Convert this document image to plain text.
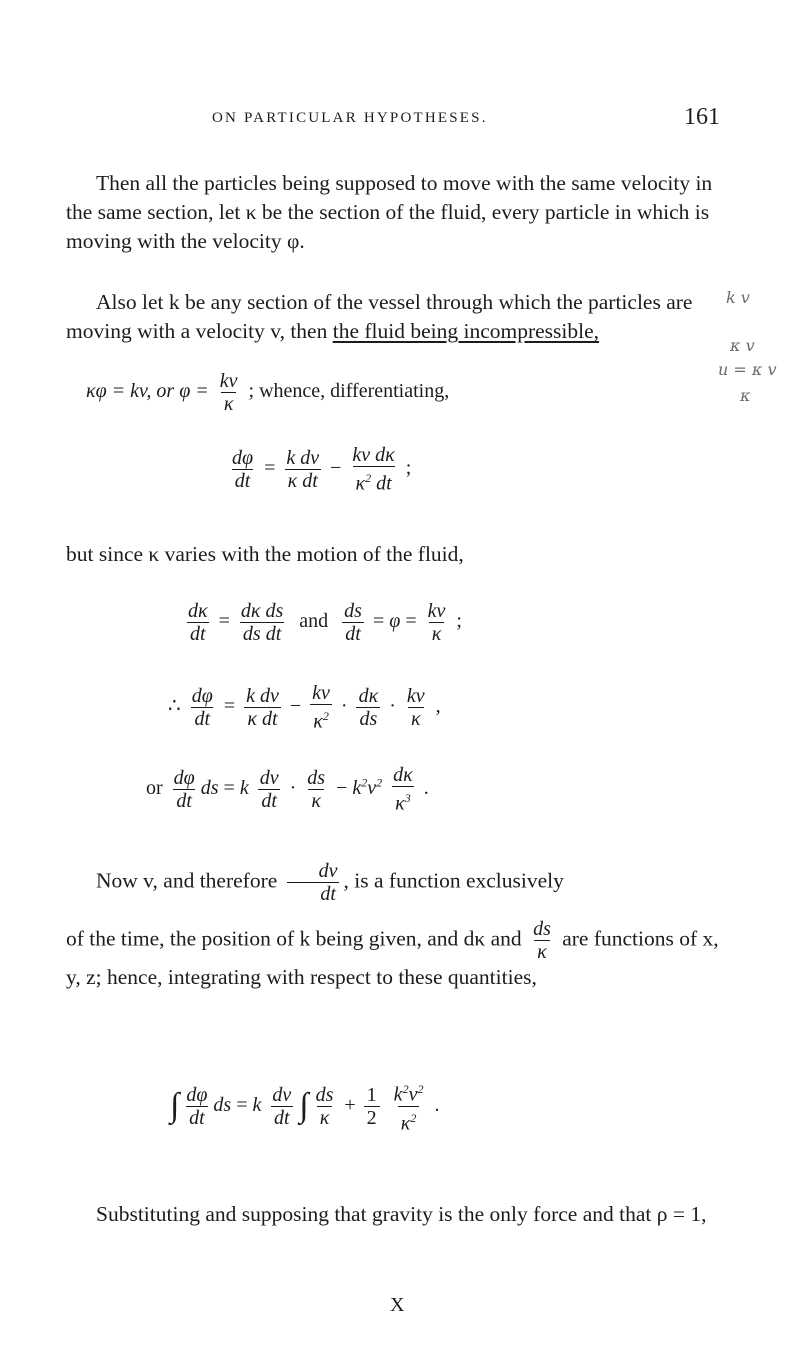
ON PARTICULAR HYPOTHESES.	161

Then all the particles being supposed to move with the same velocity in the same section, let κ be the section of the fluid, every particle in which is moving with the velocity φ.

Also let k be any section of the vessel through which the particles are moving with a velocity v, then the fluid being incompressible,

κφ = kv, or $\varphi = \frac{kv}{\kappa}$ ; whence, differentiating,
$\frac{d\varphi}{dt} = \frac{\text{k dv}}{\text{κ dt}} - \frac{\text{kv dκ}}{\kappa^2 dt}$ ;

but since κ varies with the motion of the fluid,

$\frac{d\kappa}{dt} = \frac{\text{dκ ds}}{\text{ds dt}}$ and $\frac{ds}{dt} = \varphi = \frac{kv}{\kappa}$ ;
∴ $\frac{d\varphi}{dt} = \frac{\text{k dv}}{\text{κ dt}} - \frac{kv}{\kappa^2} \cdot \frac{d\kappa}{ds} \cdot \frac{kv}{\kappa}$ ,
or $\frac{d\varphi}{dt}$ ds = k $\frac{dv}{dt} \cdot \frac{ds}{\kappa} - k^2v^2 \frac{d\kappa}{\kappa^3}$ .

Now v, and therefore $\frac{dv}{dt}$ , is a function exclusively

of the time, the position of k being given, and dκ and $\frac{ds}{\kappa}$ are functions of x, y, z; hence, integrating with respect to these quantities,

∫ $\frac{d\varphi}{dt}$ ds = k $\frac{dv}{dt}$ ∫ $\frac{ds}{\kappa} + \frac{1}{2}$
$\frac{k^2v^2}{\kappa^2}$ .

Substituting and supposing that gravity is the only force and that ρ = 1,

X
k v
κ v
u = κ v
κ
